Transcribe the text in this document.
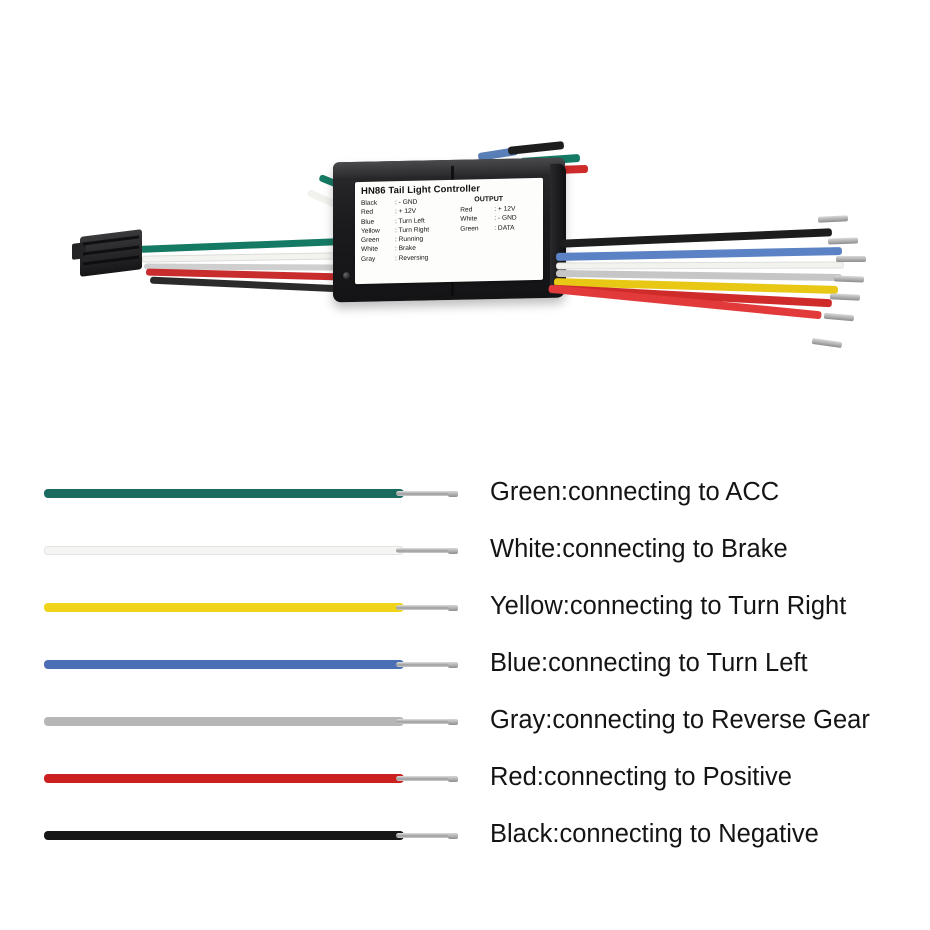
HN86 Tail Light Controller
Black	: - GND
Red	: + 12V
Blue	: Turn Left
Yellow	: Turn Right
Green	: Running
White	: Brake
Gray	: Reversing
OUTPUT
Red	: + 12V
White	: - GND
Green	: DATA
Green:connecting to ACC
White:connecting to Brake
Yellow:connecting to Turn Right
Blue:connecting to Turn Left
Gray:connecting to Reverse Gear
Red:connecting to Positive
Black:connecting to Negative
